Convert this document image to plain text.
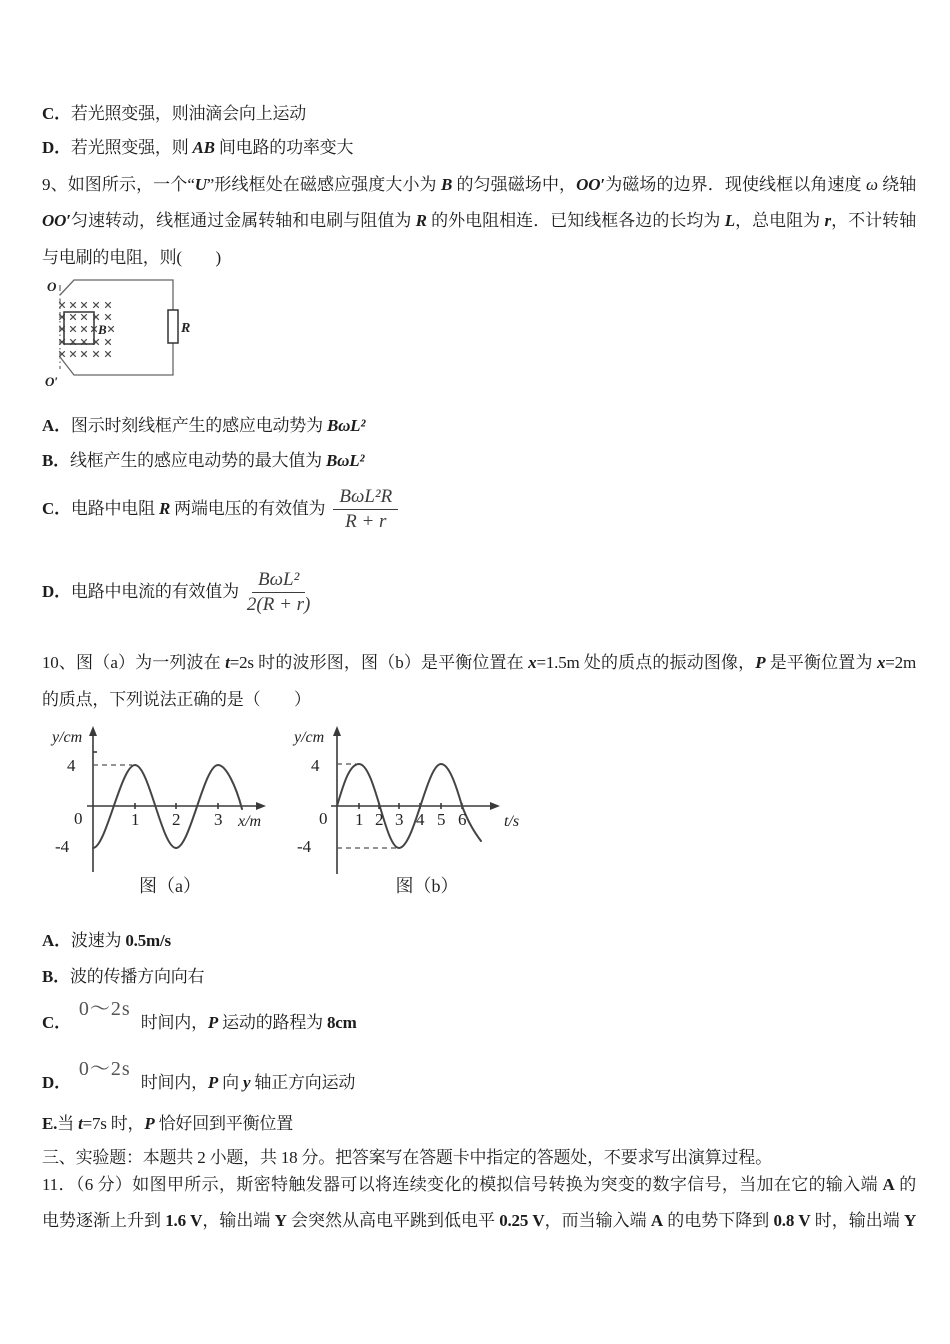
C．若光照变强，则油滴会向上运动
D．若光照变强，则 AB 间电路的功率变大
9、如图所示，一个“U”形线框处在磁感应强度大小为 B 的匀强磁场中，OO′为磁场的边界．现使线框以角速度 ω 绕轴
OO′匀速转动，线框通过金属转轴和电刷与阻值为 R 的外电阻相连．已知线框各边的长均为 L，总电阻为 r，不计转轴
与电刷的电阻，则(　　)
O
O′
B	R
A．图示时刻线框产生的感应电动势为 BωL²
B．线框产生的感应电动势的最大值为 BωL²
C．电路中电阻 R 两端电压的有效值为 $\frac{\text{BωL²R}}{R + r}$
D．电路中电流的有效值为 $\frac{\text{BωL²}}{2(R + r)}$
10、图（a）为一列波在 t=2s 时的波形图，图（b）是平衡位置在 x=1.5m 处的质点的振动图像，P 是平衡位置为 x=2m
的质点，下列说法正确的是（　　）
y/cm
4
0
-4
1 2 3 x/m
图（a）
y/cm
4
0
-4
1 2 3 4 5 6 t/s
图（b）
A．波速为 0.5m/s
B．波的传播方向向右
C．0～2s时间内，P 运动的路程为 8cm
D．0～2s时间内，P 向 y 轴正方向运动
E.当 t=7s 时，P 恰好回到平衡位置
三、实验题：本题共 2 小题，共 18 分。把答案写在答题卡中指定的答题处，不要求写出演算过程。
11．（6 分）如图甲所示，斯密特触发器可以将连续变化的模拟信号转换为突变的数字信号，当加在它的输入端 A 的
电势逐渐上升到 1.6 V，输出端 Y 会突然从高电平跳到低电平 0.25 V，而当输入端 A 的电势下降到 0.8 V 时，输出端 Y
